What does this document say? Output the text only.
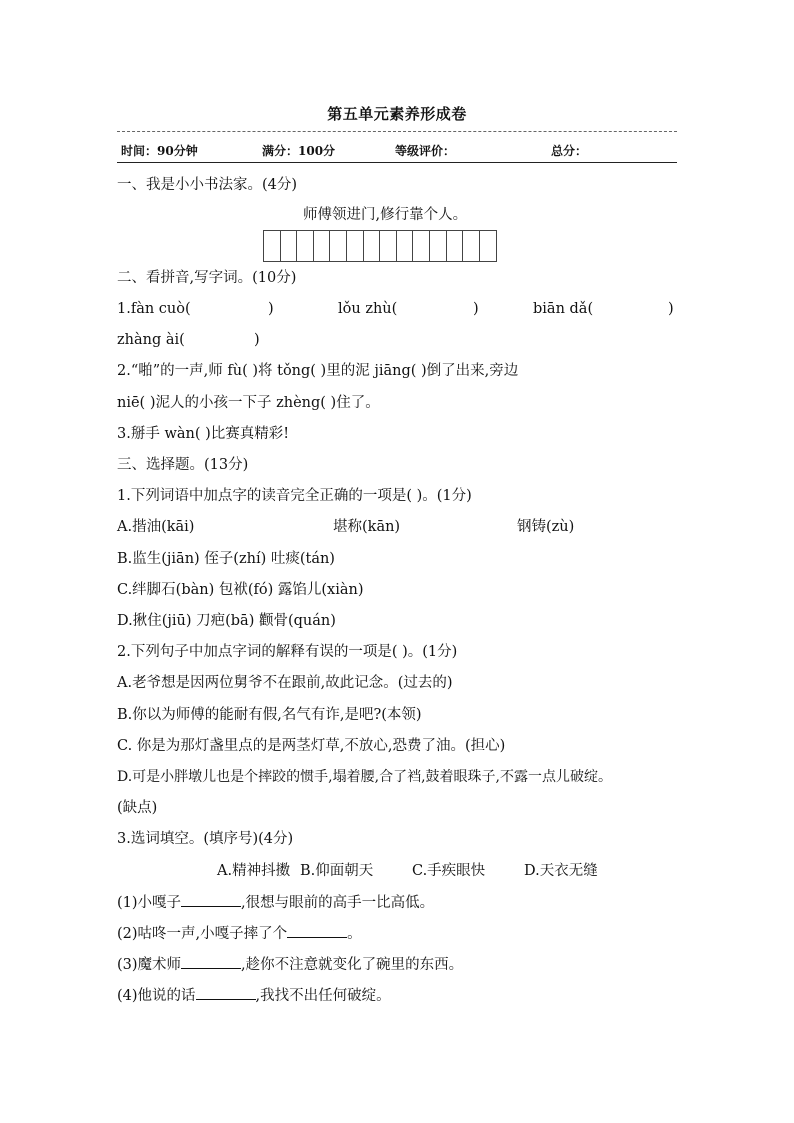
第五单元素养形成卷
时间：90分钟	满分：100分	等级评价：	总分：
一、我是小小书法家。(4分)
师傅领进门,修行靠个人。
二、看拼音,写字词。(10分)
1.fàn cuò(	)	lǒu zhù(	)	biān dǎ(	)
zhàng ài(	)
2.“啪”的一声,师 fù( )将 tǒng( )里的泥 jiāng( )倒了出来,旁边
niē( )泥人的小孩一下子 zhèng( )住了。
3.掰手 wàn( )比赛真精彩!
三、选择题。(13分)
1.下列词语中加点字的读音完全正确的一项是( )。(1分)
A.揩油(kāi)	堪称(kān)	钢铸(zù)
B.监生(jiān) 侄子(zhí) 吐痰(tán)
C.绊脚石(bàn) 包袱(fó) 露馅儿(xiàn)
D.揪住(jiū) 刀疤(bā) 颧骨(quán)
2.下列句子中加点字词的解释有误的一项是( )。(1分)
A.老爷想是因两位舅爷不在跟前,故此记念。(过去的)
B.你以为师傅的能耐有假,名气有诈,是吧?(本领)
C. 你是为那灯盏里点的是两茎灯草,不放心,恐费了油。(担心)
D.可是小胖墩儿也是个摔跤的惯手,塌着腰,合了裆,鼓着眼珠子,不露一点儿破绽。
(缺点)
3.选词填空。(填序号)(4分)
A.精神抖擞 B.仰面朝天	C.手疾眼快	D.天衣无缝
(1)小嘎子	,很想与眼前的高手一比高低。
(2)咕咚一声,小嘎子摔了个	。
(3)魔术师	,趁你不注意就变化了碗里的东西。
(4)他说的话	,我找不出任何破绽。
